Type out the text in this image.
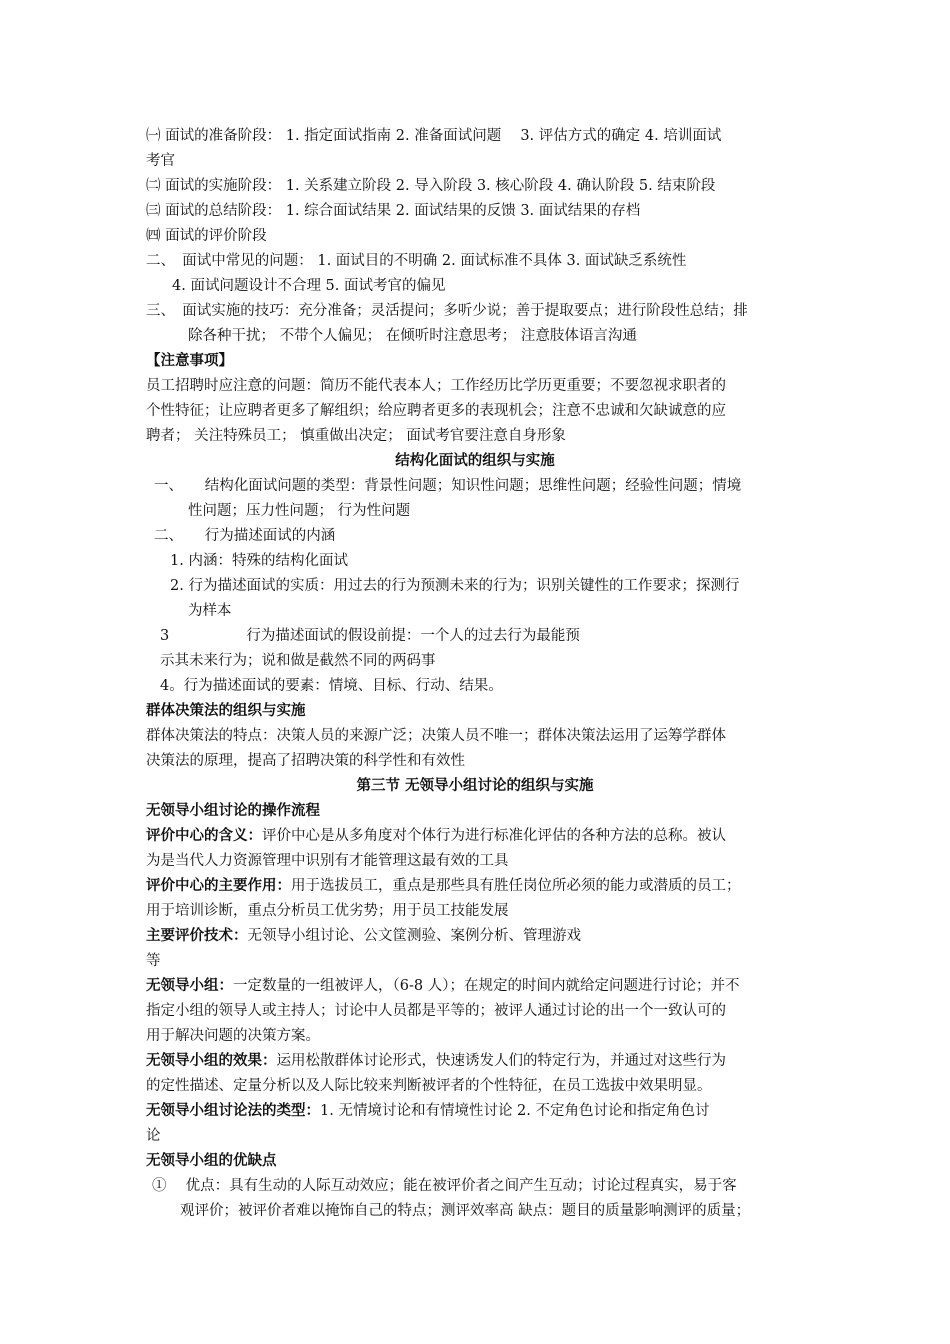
㈠ 面试的准备阶段： 1. 指定面试指南 2. 准备面试问题　 3. 评估方式的确定 4. 培训面试
考官
㈡ 面试的实施阶段： 1. 关系建立阶段 2. 导入阶段 3. 核心阶段 4. 确认阶段 5. 结束阶段
㈢ 面试的总结阶段： 1. 综合面试结果 2. 面试结果的反馈 3. 面试结果的存档
㈣ 面试的评价阶段
二、　面试中常见的问题： 1. 面试目的不明确 2. 面试标准不具体 3. 面试缺乏系统性
4. 面试问题设计不合理 5. 面试考官的偏见
三、　面试实施的技巧：充分准备；灵活提问；多听少说；善于提取要点；进行阶段性总结；排
除各种干扰； 不带个人偏见； 在倾听时注意思考； 注意肢体语言沟通
【注意事项】
员工招聘时应注意的问题：简历不能代表本人；工作经历比学历更重要；不要忽视求职者的
个性特征；让应聘者更多了解组织；给应聘者更多的表现机会；注意不忠诚和欠缺诚意的应
聘者； 关注特殊员工； 慎重做出决定； 面试考官要注意自身形象
结构化面试的组织与实施
一、　　结构化面试问题的类型：背景性问题；知识性问题；思维性问题；经验性问题；情境
性问题；压力性问题； 行为性问题
二、　　行为描述面试的内涵
1. 内涵：特殊的结构化面试
2. 行为描述面试的实质：用过去的行为预测未来的行为；识别关键性的工作要求；探测行
为样本
3　　　　　 行为描述面试的假设前提：一个人的过去行为最能预
示其未来行为；说和做是截然不同的两码事
4。行为描述面试的要素：情境、目标、行动、结果。
群体决策法的组织与实施
群体决策法的特点：决策人员的来源广泛；决策人员不唯一；群体决策法运用了运筹学群体
决策法的原理，提高了招聘决策的科学性和有效性
第三节 无领导小组讨论的组织与实施
无领导小组讨论的操作流程
评价中心的含义：评价中心是从多角度对个体行为进行标准化评估的各种方法的总称。被认
为是当代人力资源管理中识别有才能管理这最有效的工具
评价中心的主要作用：用于选拔员工，重点是那些具有胜任岗位所必须的能力或潜质的员工；
用于培训诊断，重点分析员工优劣势；用于员工技能发展
主要评价技术：无领导小组讨论、公文筐测验、案例分析、管理游戏
等
无领导小组：一定数量的一组被评人，（6-8 人）；在规定的时间内就给定问题进行讨论；并不
指定小组的领导人或主持人；讨论中人员都是平等的；被评人通过讨论的出一个一致认可的
用于解决问题的决策方案。
无领导小组的效果：运用松散群体讨论形式，快速诱发人们的特定行为，并通过对这些行为
的定性描述、定量分析以及人际比较来判断被评者的个性特征，在员工选拔中效果明显。
无领导小组讨论法的类型：1. 无情境讨论和有情境性讨论 2. 不定角色讨论和指定角色讨
论
无领导小组的优缺点
①　 优点：具有生动的人际互动效应；能在被评价者之间产生互动；讨论过程真实，易于客
观评价；被评价者难以掩饰自己的特点；测评效率高 缺点：题目的质量影响测评的质量；
